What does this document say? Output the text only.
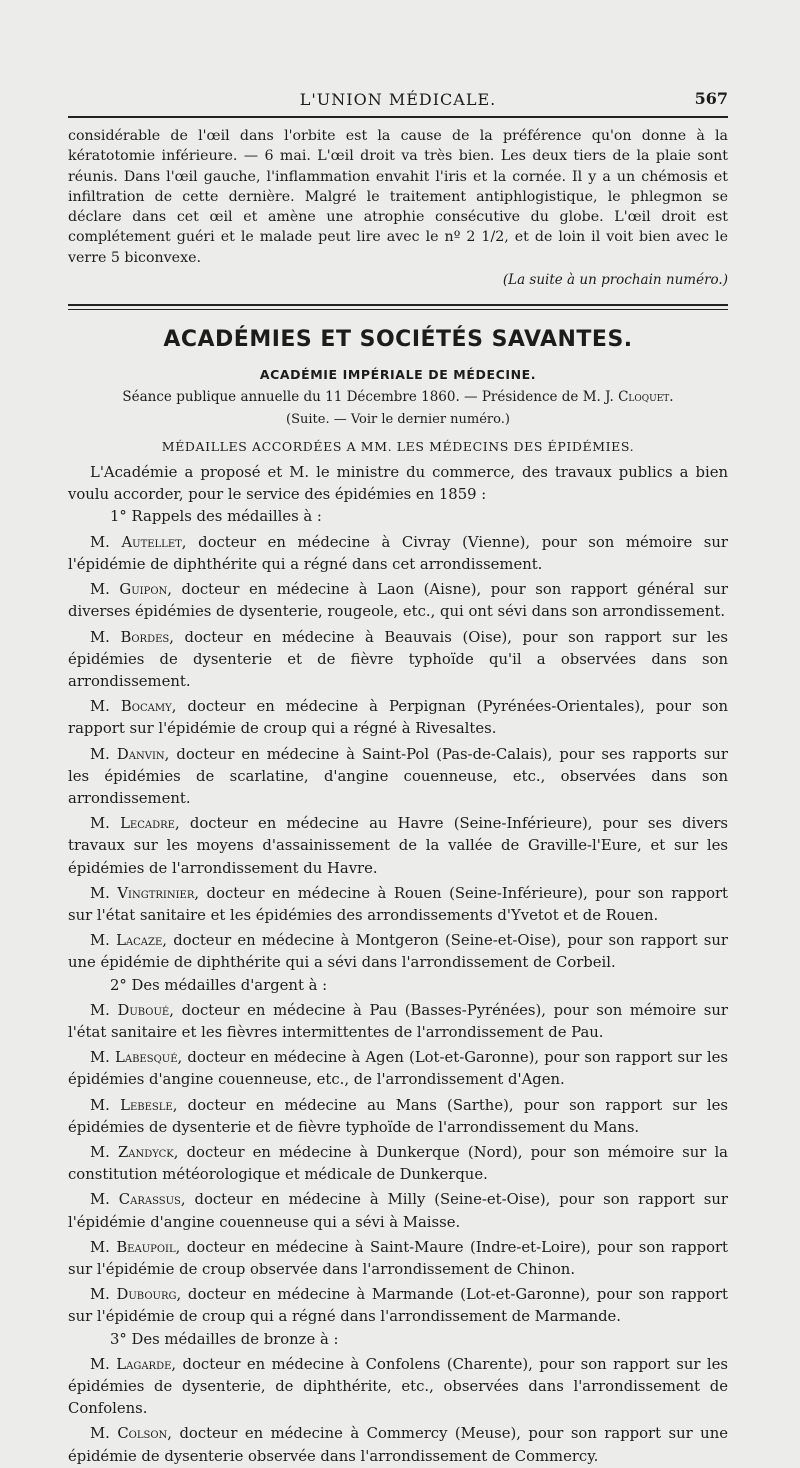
L'UNION MÉDICALE.	567

considérable de l'œil dans l'orbite est la cause de la préférence qu'on donne à la kératotomie inférieure. — 6 mai. L'œil droit va très bien. Les deux tiers de la plaie sont réunis. Dans l'œil gauche, l'inflammation envahit l'iris et la cornée. Il y a un chémosis et infiltration de cette dernière. Malgré le traitement antiphlogistique, le phlegmon se déclare dans cet œil et amène une atrophie consécutive du globe. L'œil droit est complétement guéri et le malade peut lire avec le nº 2 1/2, et de loin il voit bien avec le verre 5 biconvexe.

(La suite à un prochain numéro.)
ACADÉMIES ET SOCIÉTÉS SAVANTES.
ACADÉMIE IMPÉRIALE DE MÉDECINE.
Séance publique annuelle du 11 Décembre 1860. — Présidence de M. J. Cloquet.
(Suite. — Voir le dernier numéro.)
MÉDAILLES ACCORDÉES A MM. LES MÉDECINS DES ÉPIDÉMIES.

L'Académie a proposé et M. le ministre du commerce, des travaux publics a bien voulu accorder, pour le service des épidémies en 1859 :

1° Rappels des médailles à :

M. Autellet, docteur en médecine à Civray (Vienne), pour son mémoire sur l'épidémie de diphthérite qui a régné dans cet arrondissement.

M. Guipon, docteur en médecine à Laon (Aisne), pour son rapport général sur diverses épidémies de dysenterie, rougeole, etc., qui ont sévi dans son arrondissement.

M. Bordes, docteur en médecine à Beauvais (Oise), pour son rapport sur les épidémies de dysenterie et de fièvre typhoïde qu'il a observées dans son arrondissement.

M. Bocamy, docteur en médecine à Perpignan (Pyrénées-Orientales), pour son rapport sur l'épidémie de croup qui a régné à Rivesaltes.

M. Danvin, docteur en médecine à Saint-Pol (Pas-de-Calais), pour ses rapports sur les épidémies de scarlatine, d'angine couenneuse, etc., observées dans son arrondissement.

M. Lecadre, docteur en médecine au Havre (Seine-Inférieure), pour ses divers travaux sur les moyens d'assainissement de la vallée de Graville-l'Eure, et sur les épidémies de l'arrondissement du Havre.

M. Vingtrinier, docteur en médecine à Rouen (Seine-Inférieure), pour son rapport sur l'état sanitaire et les épidémies des arrondissements d'Yvetot et de Rouen.

M. Lacaze, docteur en médecine à Montgeron (Seine-et-Oise), pour son rapport sur une épidémie de diphthérite qui a sévi dans l'arrondissement de Corbeil.

2° Des médailles d'argent à :

M. Duboué, docteur en médecine à Pau (Basses-Pyrénées), pour son mémoire sur l'état sanitaire et les fièvres intermittentes de l'arrondissement de Pau.

M. Labesqué, docteur en médecine à Agen (Lot-et-Garonne), pour son rapport sur les épidémies d'angine couenneuse, etc., de l'arrondissement d'Agen.

M. Lebesle, docteur en médecine au Mans (Sarthe), pour son rapport sur les épidémies de dysenterie et de fièvre typhoïde de l'arrondissement du Mans.

M. Zandyck, docteur en médecine à Dunkerque (Nord), pour son mémoire sur la constitution météorologique et médicale de Dunkerque.

M. Carassus, docteur en médecine à Milly (Seine-et-Oise), pour son rapport sur l'épidémie d'angine couenneuse qui a sévi à Maisse.

M. Beaupoil, docteur en médecine à Saint-Maure (Indre-et-Loire), pour son rapport sur l'épidémie de croup observée dans l'arrondissement de Chinon.

M. Dubourg, docteur en médecine à Marmande (Lot-et-Garonne), pour son rapport sur l'épidémie de croup qui a régné dans l'arrondissement de Marmande.

3° Des médailles de bronze à :

M. Lagarde, docteur en médecine à Confolens (Charente), pour son rapport sur les épidémies de dysenterie, de diphthérite, etc., observées dans l'arrondissement de Confolens.

M. Colson, docteur en médecine à Commercy (Meuse), pour son rapport sur une épidémie de dysenterie observée dans l'arrondissement de Commercy.
